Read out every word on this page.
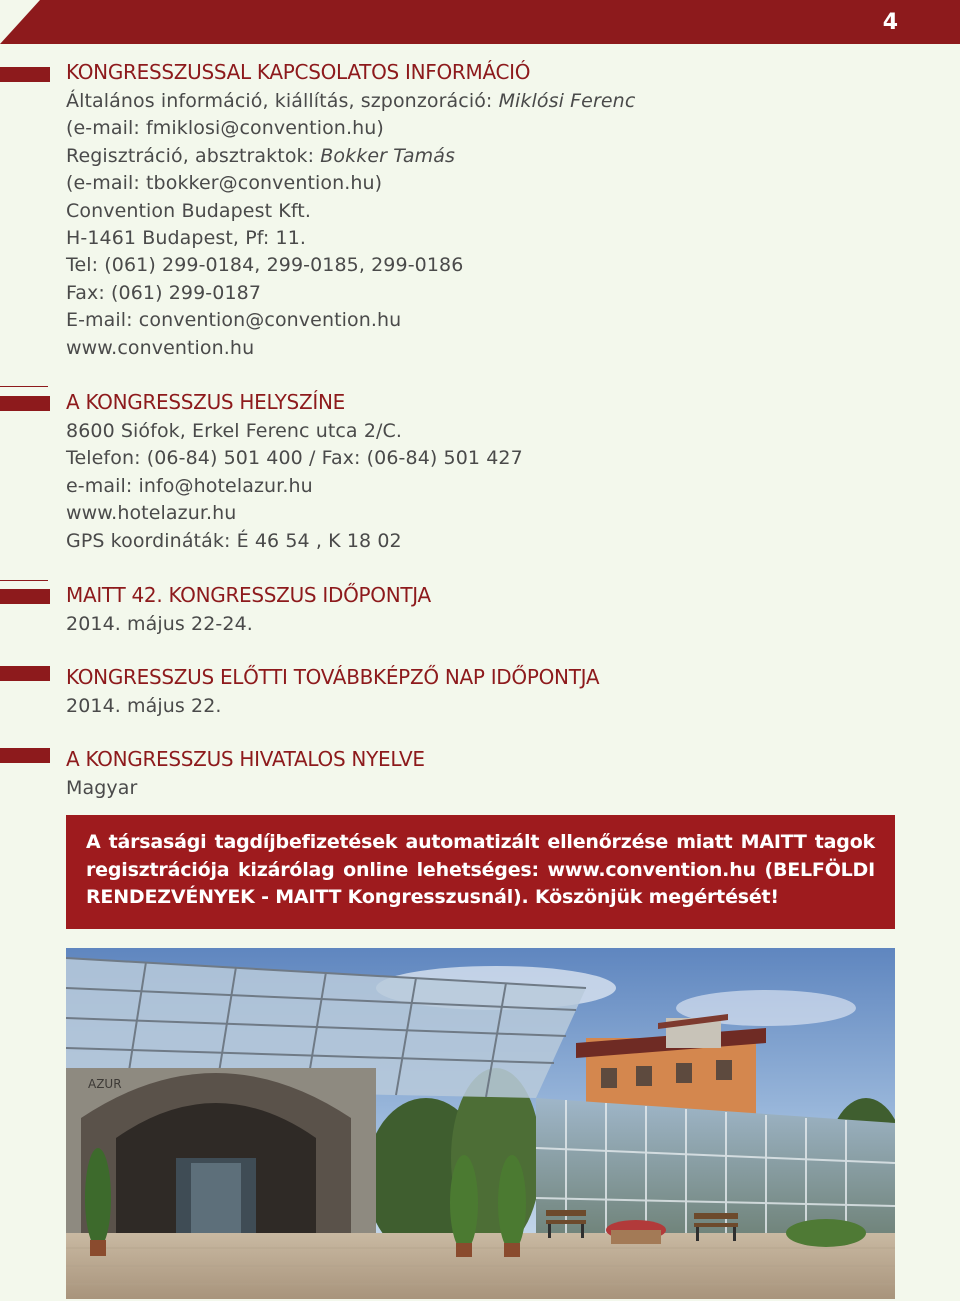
4
KONGRESSZUSSAL KAPCSOLATOS INFORMÁCIÓ
Általános információ, kiállítás, szponzoráció: Miklósi Ferenc
(e-mail: fmiklosi@convention.hu)
Regisztráció, absztraktok: Bokker Tamás
(e-mail: tbokker@convention.hu)
Convention Budapest Kft.
H-1461 Budapest, Pf: 11.
Tel: (061) 299-0184, 299-0185, 299-0186
Fax: (061) 299-0187
E-mail: convention@convention.hu
www.convention.hu
A KONGRESSZUS HELYSZÍNE
8600 Siófok, Erkel Ferenc utca 2/C.
Telefon: (06-84) 501 400 / Fax: (06-84) 501 427
e-mail: info@hotelazur.hu
www.hotelazur.hu
GPS koordináták: É 46 54 , K 18 02
MAITT 42. KONGRESSZUS IDŐPONTJA
2014. május 22-24.
KONGRESSZUS ELŐTTI TOVÁBBKÉPZŐ NAP IDŐPONTJA
2014. május 22.
A KONGRESSZUS HIVATALOS NYELVE
Magyar

A társasági tagdíjbefizetések automatizált ellenőrzése miatt MAITT tagok regisztrációja kizárólag online lehetséges: www.convention.hu (BELFÖLDI RENDEZVÉNYEK - MAITT Kongresszusnál). Köszönjük megértését!

AZUR
